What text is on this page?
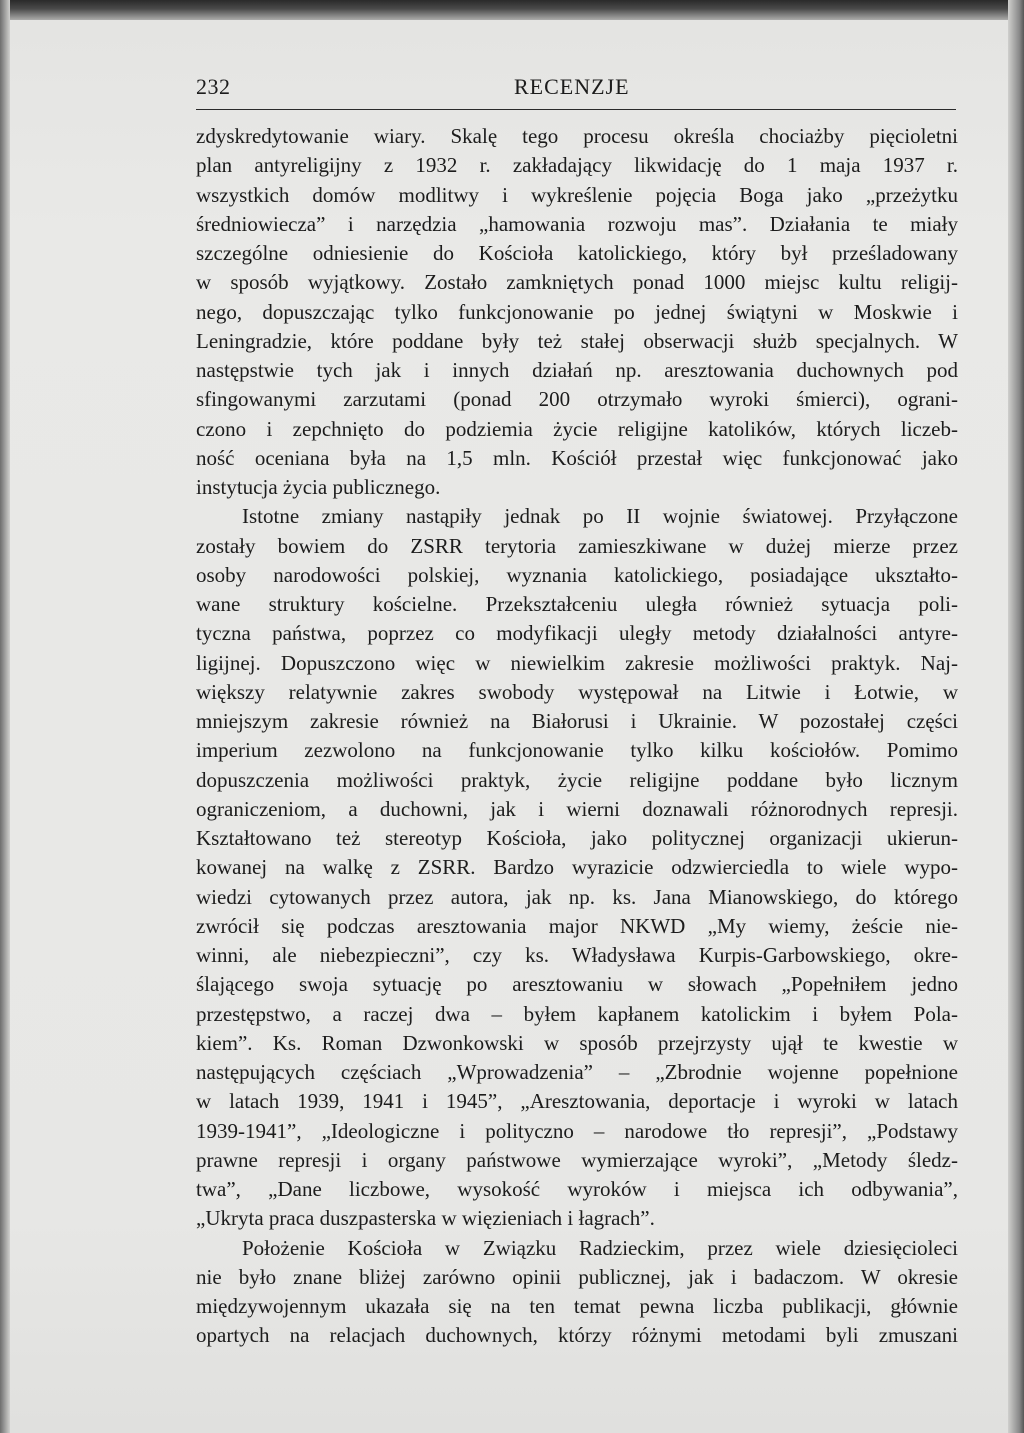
232	RECENZJE
zdyskredytowanie wiary. Skalę tego procesu określa chociażby pięcioletni
plan antyreligijny z 1932 r. zakładający likwidację do 1 maja 1937 r.
wszystkich domów modlitwy i wykreślenie pojęcia Boga jako „przeżytku
średniowiecza” i narzędzia „hamowania rozwoju mas”. Działania te miały
szczególne odniesienie do Kościoła katolickiego, który był prześladowany
w sposób wyjątkowy. Zostało zamkniętych ponad 1000 miejsc kultu religij-
nego, dopuszczając tylko funkcjonowanie po jednej świątyni w Moskwie i
Leningradzie, które poddane były też stałej obserwacji służb specjalnych. W
następstwie tych jak i innych działań np. aresztowania duchownych pod
sfingowanymi zarzutami (ponad 200 otrzymało wyroki śmierci), ograni-
czono i zepchnięto do podziemia życie religijne katolików, których liczeb-
ność oceniana była na 1,5 mln. Kościół przestał więc funkcjonować jako
instytucja życia publicznego.
Istotne zmiany nastąpiły jednak po II wojnie światowej. Przyłączone
zostały bowiem do ZSRR terytoria zamieszkiwane w dużej mierze przez
osoby narodowości polskiej, wyznania katolickiego, posiadające ukształto-
wane struktury kościelne. Przekształceniu uległa również sytuacja poli-
tyczna państwa, poprzez co modyfikacji uległy metody działalności antyre-
ligijnej. Dopuszczono więc w niewielkim zakresie możliwości praktyk. Naj-
większy relatywnie zakres swobody występował na Litwie i Łotwie, w
mniejszym zakresie również na Białorusi i Ukrainie. W pozostałej części
imperium zezwolono na funkcjonowanie tylko kilku kościołów. Pomimo
dopuszczenia możliwości praktyk, życie religijne poddane było licznym
ograniczeniom, a duchowni, jak i wierni doznawali różnorodnych represji.
Kształtowano też stereotyp Kościoła, jako politycznej organizacji ukierun-
kowanej na walkę z ZSRR. Bardzo wyrazicie odzwierciedla to wiele wypo-
wiedzi cytowanych przez autora, jak np. ks. Jana Mianowskiego, do którego
zwrócił się podczas aresztowania major NKWD „My wiemy, żeście nie-
winni, ale niebezpieczni”, czy ks. Władysława Kurpis-Garbowskiego, okre-
ślającego swoja sytuację po aresztowaniu w słowach „Popełniłem jedno
przestępstwo, a raczej dwa – byłem kapłanem katolickim i byłem Pola-
kiem”. Ks. Roman Dzwonkowski w sposób przejrzysty ujął te kwestie w
następujących częściach „Wprowadzenia” – „Zbrodnie wojenne popełnione
w latach 1939, 1941 i 1945”, „Aresztowania, deportacje i wyroki w latach
1939-1941”, „Ideologiczne i polityczno – narodowe tło represji”, „Podstawy
prawne represji i organy państwowe wymierzające wyroki”, „Metody śledz-
twa”, „Dane liczbowe, wysokość wyroków i miejsca ich odbywania”,
„Ukryta praca duszpasterska w więzieniach i łagrach”.
Położenie Kościoła w Związku Radzieckim, przez wiele dziesięcioleci
nie było znane bliżej zarówno opinii publicznej, jak i badaczom. W okresie
międzywojennym ukazała się na ten temat pewna liczba publikacji, głównie
opartych na relacjach duchownych, którzy różnymi metodami byli zmuszani
